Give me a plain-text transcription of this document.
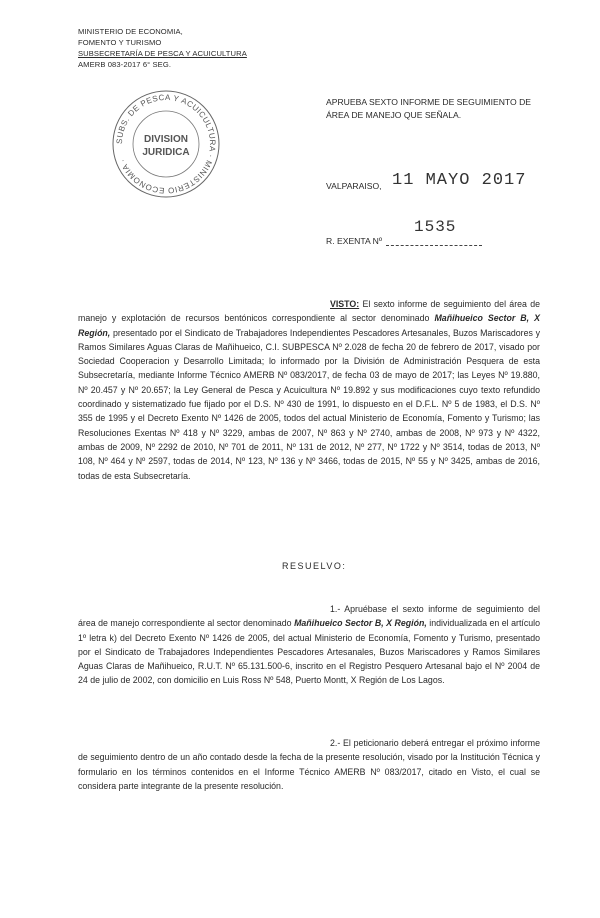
MINISTERIO DE ECONOMIA,
FOMENTO Y TURISMO
SUBSECRETARÍA DE PESCA Y ACUICULTURA
AMERB 083-2017 6° SEG.
SUBS. DE PESCA Y ACUICULTURA · MINISTERIO ECONOMIA ·
DIVISION
JURIDICA
APRUEBA SEXTO INFORME DE SEGUIMIENTO DE ÁREA DE MANEJO QUE SEÑALA.
VALPARAISO, 11 MAYO 2017
1535
R. EXENTA Nº
VISTO: El sexto informe de seguimiento del área de manejo y explotación de recursos bentónicos correspondiente al sector denominado Mañihueico Sector B, X Región, presentado por el Sindicato de Trabajadores Independientes Pescadores Artesanales, Buzos Mariscadores y Ramos Similares Aguas Claras de Mañihueico, C.I. SUBPESCA Nº 2.028 de fecha 20 de febrero de 2017, visado por Sociedad Cooperacion y Desarrollo Limitada; lo informado por la División de Administración Pesquera de esta Subsecretaría, mediante Informe Técnico AMERB Nº 083/2017, de fecha 03 de mayo de 2017; las Leyes Nº 19.880, Nº 20.457 y Nº 20.657; la Ley General de Pesca y Acuicultura Nº 19.892 y sus modificaciones cuyo texto refundido coordinado y sistematizado fue fijado por el D.S. Nº 430 de 1991, lo dispuesto en el D.F.L. Nº 5 de 1983, el D.S. Nº 355 de 1995 y el Decreto Exento Nº 1426 de 2005, todos del actual Ministerio de Economía, Fomento y Turismo; las Resoluciones Exentas Nº 418 y Nº 3229, ambas de 2007, Nº 863 y Nº 2740, ambas de 2008, Nº 973 y Nº 4322, ambas de 2009, Nº 2292 de 2010, Nº 701 de 2011, Nº 131 de 2012, Nº 277, Nº 1722 y Nº 3514, todas de 2013, Nº 108, Nº 464 y Nº 2597, todas de 2014, Nº 123, Nº 136 y Nº 3466, todas de 2015, Nº 55 y Nº 3425, ambas de 2016, todas de esta Subsecretaría.
RESUELVO:
1.- Apruébase el sexto informe de seguimiento del área de manejo correspondiente al sector denominado Mañihueico Sector B, X Región, individualizada en el artículo 1º letra k) del Decreto Exento Nº 1426 de 2005, del actual Ministerio de Economía, Fomento y Turismo, presentado por el Sindicato de Trabajadores Independientes Pescadores Artesanales, Buzos Mariscadores y Ramos Similares Aguas Claras de Mañihueico, R.U.T. Nº 65.131.500-6, inscrito en el Registro Pesquero Artesanal bajo el Nº 2004 de 24 de julio de 2002, con domicilio en Luis Ross Nº 548, Puerto Montt, X Región de Los Lagos.
2.- El peticionario deberá entregar el próximo informe de seguimiento dentro de un año contado desde la fecha de la presente resolución, visado por la Institución Técnica y formulario en los términos contenidos en el Informe Técnico AMERB Nº 083/2017, citado en Visto, el cual se considera parte integrante de la presente resolución.
